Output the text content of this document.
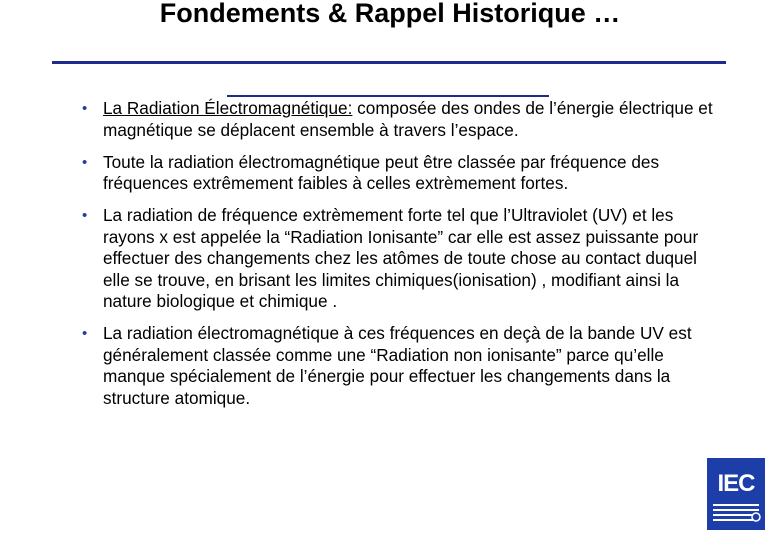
Fondements & Rappel Historique …
• La Radiation Électromagnétique: composée des ondes de l’énergie électrique et magnétique se déplacent ensemble à travers l’espace.
• Toute la radiation électromagnétique peut être classée par fréquence des fréquences extrêmement faibles à celles extrèmement fortes.
• La radiation de fréquence extrèmement forte tel que l’Ultraviolet (UV) et les rayons x est appelée la “Radiation Ionisante” car elle est assez puissante pour effectuer des changements chez les atômes de toute chose au contact duquel elle se trouve, en brisant les limites chimiques(ionisation) , modifiant ainsi la nature biologique et chimique .
• La radiation électromagnétique à ces fréquences en deçà de la bande UV est généralement classée comme une “Radiation non ionisante” parce qu’elle manque spécialement de l’énergie pour effectuer les changements dans la structure atomique.
IEC
